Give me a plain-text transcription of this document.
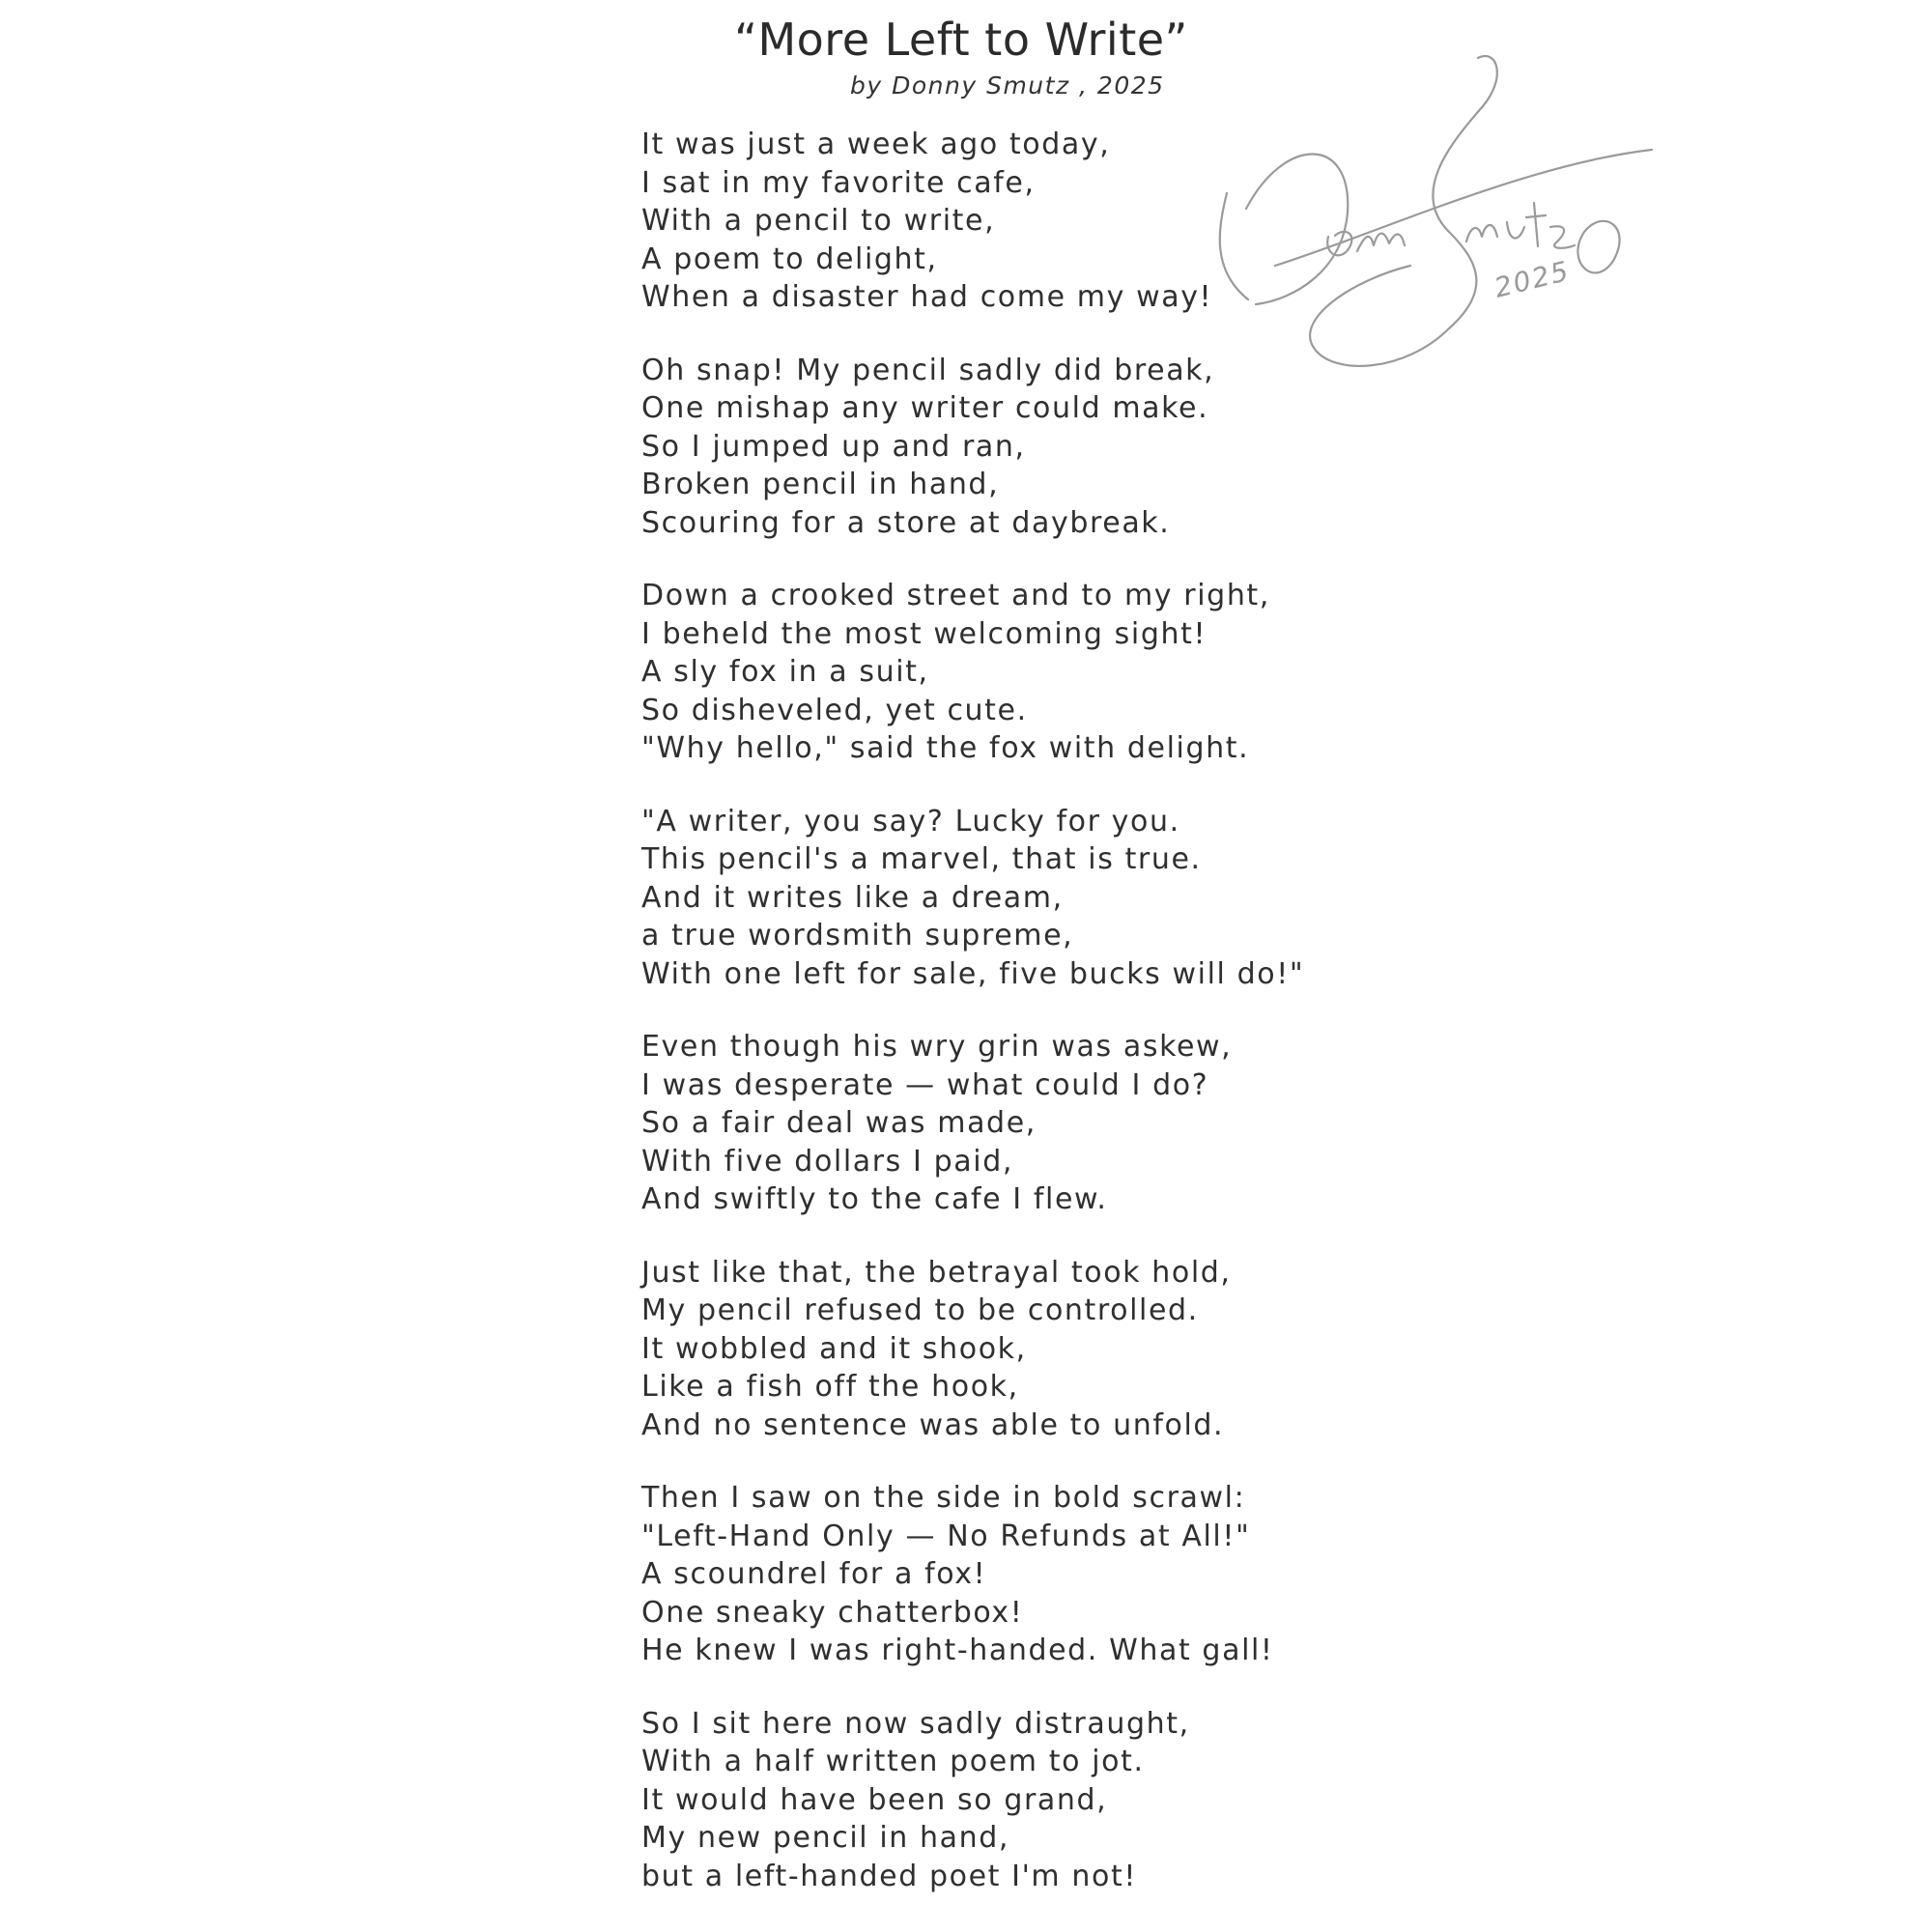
“More Left to Write”
by Donny Smutz , 2025
2025
It was just a week ago today,
I sat in my favorite cafe,
With a pencil to write,
A poem to delight,
When a disaster had come my way!
Oh snap! My pencil sadly did break,
One mishap any writer could make.
So I jumped up and ran,
Broken pencil in hand,
Scouring for a store at daybreak.
Down a crooked street and to my right,
I beheld the most welcoming sight!
A sly fox in a suit,
So disheveled, yet cute.
"Why hello," said the fox with delight.
"A writer, you say? Lucky for you.
This pencil's a marvel, that is true.
And it writes like a dream,
a true wordsmith supreme,
With one left for sale, five bucks will do!"
Even though his wry grin was askew,
I was desperate — what could I do?
So a fair deal was made,
With five dollars I paid,
And swiftly to the cafe I flew.
Just like that, the betrayal took hold,
My pencil refused to be controlled.
It wobbled and it shook,
Like a fish off the hook,
And no sentence was able to unfold.
Then I saw on the side in bold scrawl:
"Left-Hand Only — No Refunds at All!"
A scoundrel for a fox!
One sneaky chatterbox!
He knew I was right-handed. What gall!
So I sit here now sadly distraught,
With a half written poem to jot.
It would have been so grand,
My new pencil in hand,
but a left-handed poet I'm not!
